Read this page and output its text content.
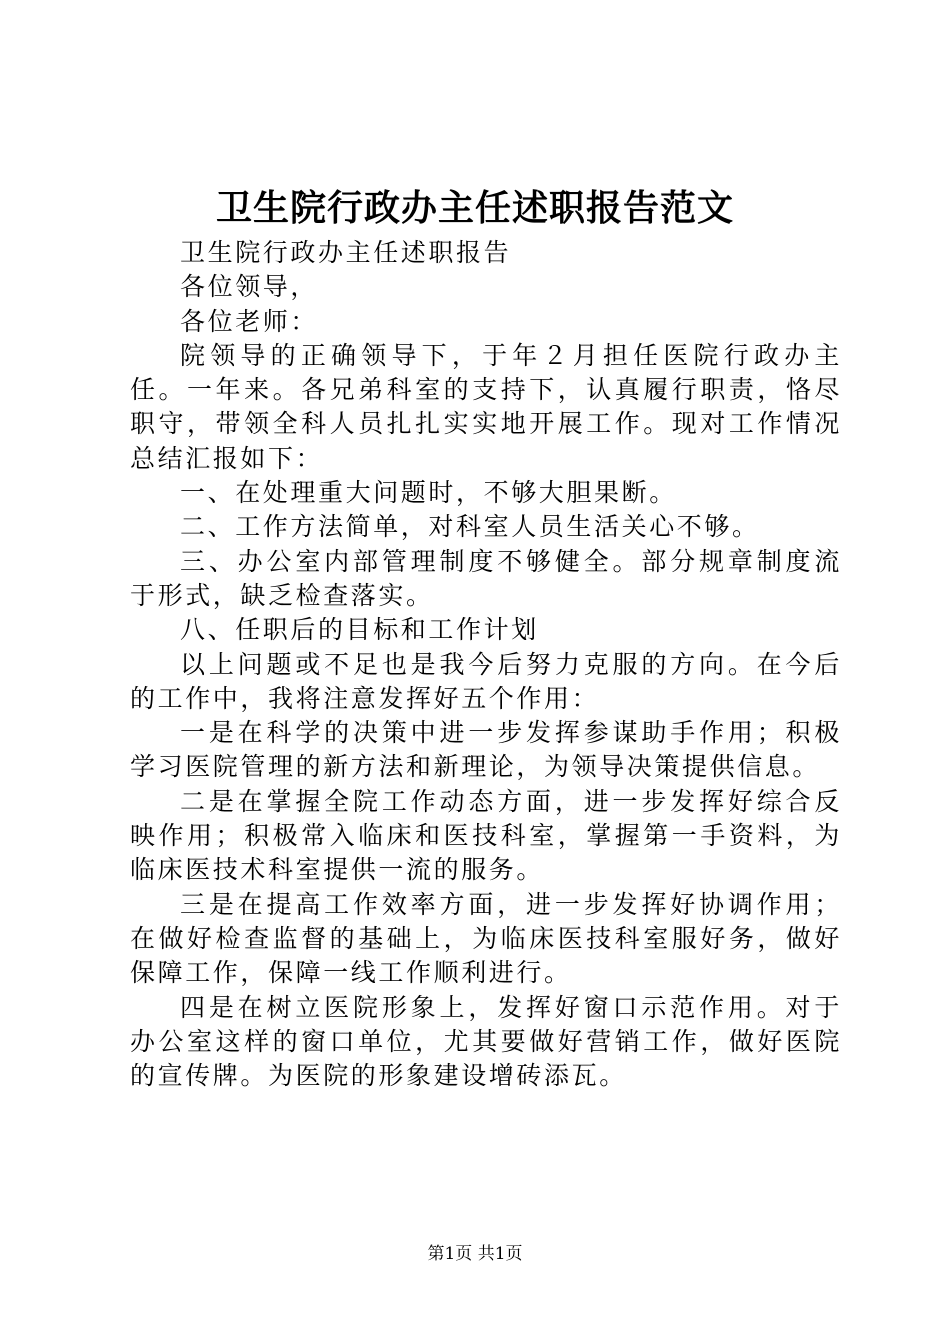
卫生院行政办主任述职报告范文

卫生院行政办主任述职报告

各位领导，

各位老师：

院领导的正确领导下，于年２月担任医院行政办主任。一年来。各兄弟科室的支持下，认真履行职责，恪尽职守，带领全科人员扎扎实实地开展工作。现对工作情况总结汇报如下：

一、在处理重大问题时，不够大胆果断。

二、工作方法简单，对科室人员生活关心不够。

三、办公室内部管理制度不够健全。部分规章制度流于形式，缺乏检查落实。

八、任职后的目标和工作计划

以上问题或不足也是我今后努力克服的方向。在今后的工作中，我将注意发挥好五个作用：

一是在科学的决策中进一步发挥参谋助手作用；积极学习医院管理的新方法和新理论，为领导决策提供信息。

二是在掌握全院工作动态方面，进一步发挥好综合反映作用；积极常入临床和医技科室，掌握第一手资料，为临床医技术科室提供一流的服务。

三是在提高工作效率方面，进一步发挥好协调作用；在做好检查监督的基础上，为临床医技科室服好务，做好保障工作，保障一线工作顺利进行。

四是在树立医院形象上，发挥好窗口示范作用。对于办公室这样的窗口单位，尤其要做好营销工作，做好医院的宣传牌。为医院的形象建设增砖添瓦。

第1页 共1页
